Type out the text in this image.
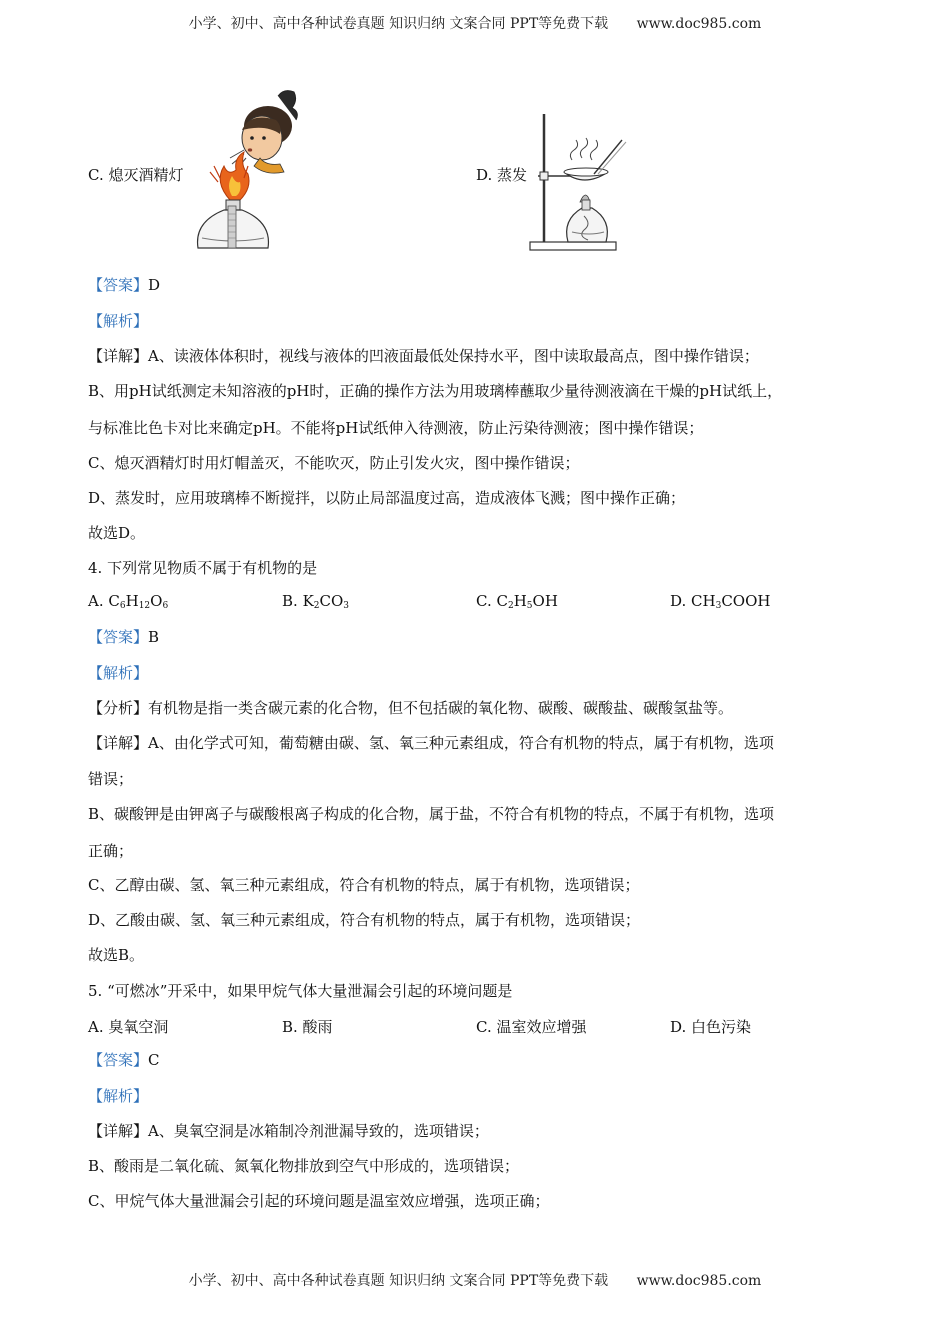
小学、初中、高中各种试卷真题 知识归纳 文案合同 PPT等免费下载 www.doc985.com
C. 熄灭酒精灯	D. 蒸发
【答案】D
【解析】
【详解】A、读液体体积时，视线与液体的凹液面最低处保持水平，图中读取最高点，图中操作错误；
B、用pH试纸测定未知溶液的pH时，正确的操作方法为用玻璃棒蘸取少量待测液滴在干燥的pH试纸上，
与标准比色卡对比来确定pH。不能将pH试纸伸入待测液，防止污染待测液；图中操作错误；
C、熄灭酒精灯时用灯帽盖灭，不能吹灭，防止引发火灾，图中操作错误；
D、蒸发时，应用玻璃棒不断搅拌，以防止局部温度过高，造成液体飞溅；图中操作正确；
故选D。
4. 下列常见物质不属于有机物的是
A. $C_6H_{12}O_6$	B. $K_2CO_3$	C. $C_2H_5OH$	D. $CH_3COOH$
【答案】B
【解析】
【分析】有机物是指一类含碳元素的化合物，但不包括碳的氧化物、碳酸、碳酸盐、碳酸氢盐等。
【详解】A、由化学式可知，葡萄糖由碳、氢、氧三种元素组成，符合有机物的特点，属于有机物，选项
错误；
B、碳酸钾是由钾离子与碳酸根离子构成的化合物，属于盐，不符合有机物的特点，不属于有机物，选项
正确；
C、乙醇由碳、氢、氧三种元素组成，符合有机物的特点，属于有机物，选项错误；
D、乙酸由碳、氢、氧三种元素组成，符合有机物的特点，属于有机物，选项错误；
故选B。
5. “可燃冰”开采中，如果甲烷气体大量泄漏会引起的环境问题是
A. 臭氧空洞	B. 酸雨	C. 温室效应增强	D. 白色污染
【答案】C
【解析】
【详解】A、臭氧空洞是冰箱制冷剂泄漏导致的，选项错误；
B、酸雨是二氧化硫、氮氧化物排放到空气中形成的，选项错误；
C、甲烷气体大量泄漏会引起的环境问题是温室效应增强，选项正确；
小学、初中、高中各种试卷真题 知识归纳 文案合同 PPT等免费下载 www.doc985.com
